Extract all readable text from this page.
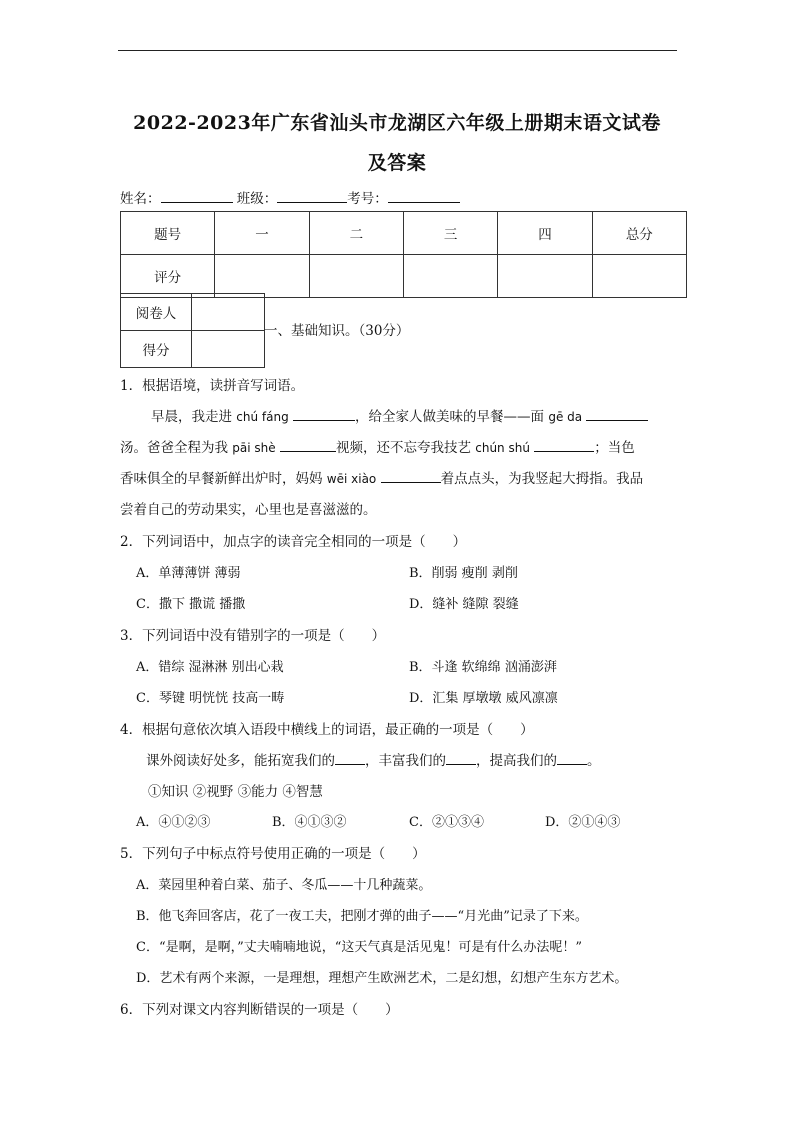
2022-2023年广东省汕头市龙湖区六年级上册期末语文试卷
及答案
姓名：	班级：	考号：
题号	一	二	三	四	总分
评分					
阅卷人	
得分	
一、基础知识。（30分）
1．根据语境，读拼音写词语。
早晨，我走进 chú fáng	，给全家人做美味的早餐——面 gē da
汤。爸爸全程为我 pāi shè	视频，还不忘夸我技艺 chún shú	；当色
香味俱全的早餐新鲜出炉时，妈妈 wēi xiào	着点点头，为我竖起大拇指。我品
尝着自己的劳动果实，心里也是喜滋滋的。
2．下列词语中，加点字的读音完全相同的一项是（　　）
A．单薄薄饼 薄弱	B．削弱 瘦削 剥削
C．撒下 撒谎 播撒	D．缝补 缝隙 裂缝
3．下列词语中没有错别字的一项是（　　）
A．错综 湿淋淋 别出心栽	B．斗逢 软绵绵 汹涌澎湃
C．琴键 明恍恍 技高一畴	D．汇集 厚墩墩 威风凛凛
4．根据句意依次填入语段中横线上的词语，最正确的一项是（　　）
课外阅读好处多，能拓宽我们的 ，丰富我们的 ，提高我们的 。
①知识 ②视野 ③能力 ④智慧
A．④①②③	B．④①③②	C．②①③④	D．②①④③
5．下列句子中标点符号使用正确的一项是（　　）
A．菜园里种着白菜、茄子、冬瓜——十几种蔬菜。
B．他飞奔回客店，花了一夜工夫，把刚才弹的曲子——“月光曲”记录了下来。
C．“是啊，是啊，”丈夫喃喃地说，“这天气真是活见鬼！可是有什么办法呢！”
D．艺术有两个来源，一是理想，理想产生欧洲艺术，二是幻想，幻想产生东方艺术。
6．下列对课文内容判断错误的一项是（　　）
